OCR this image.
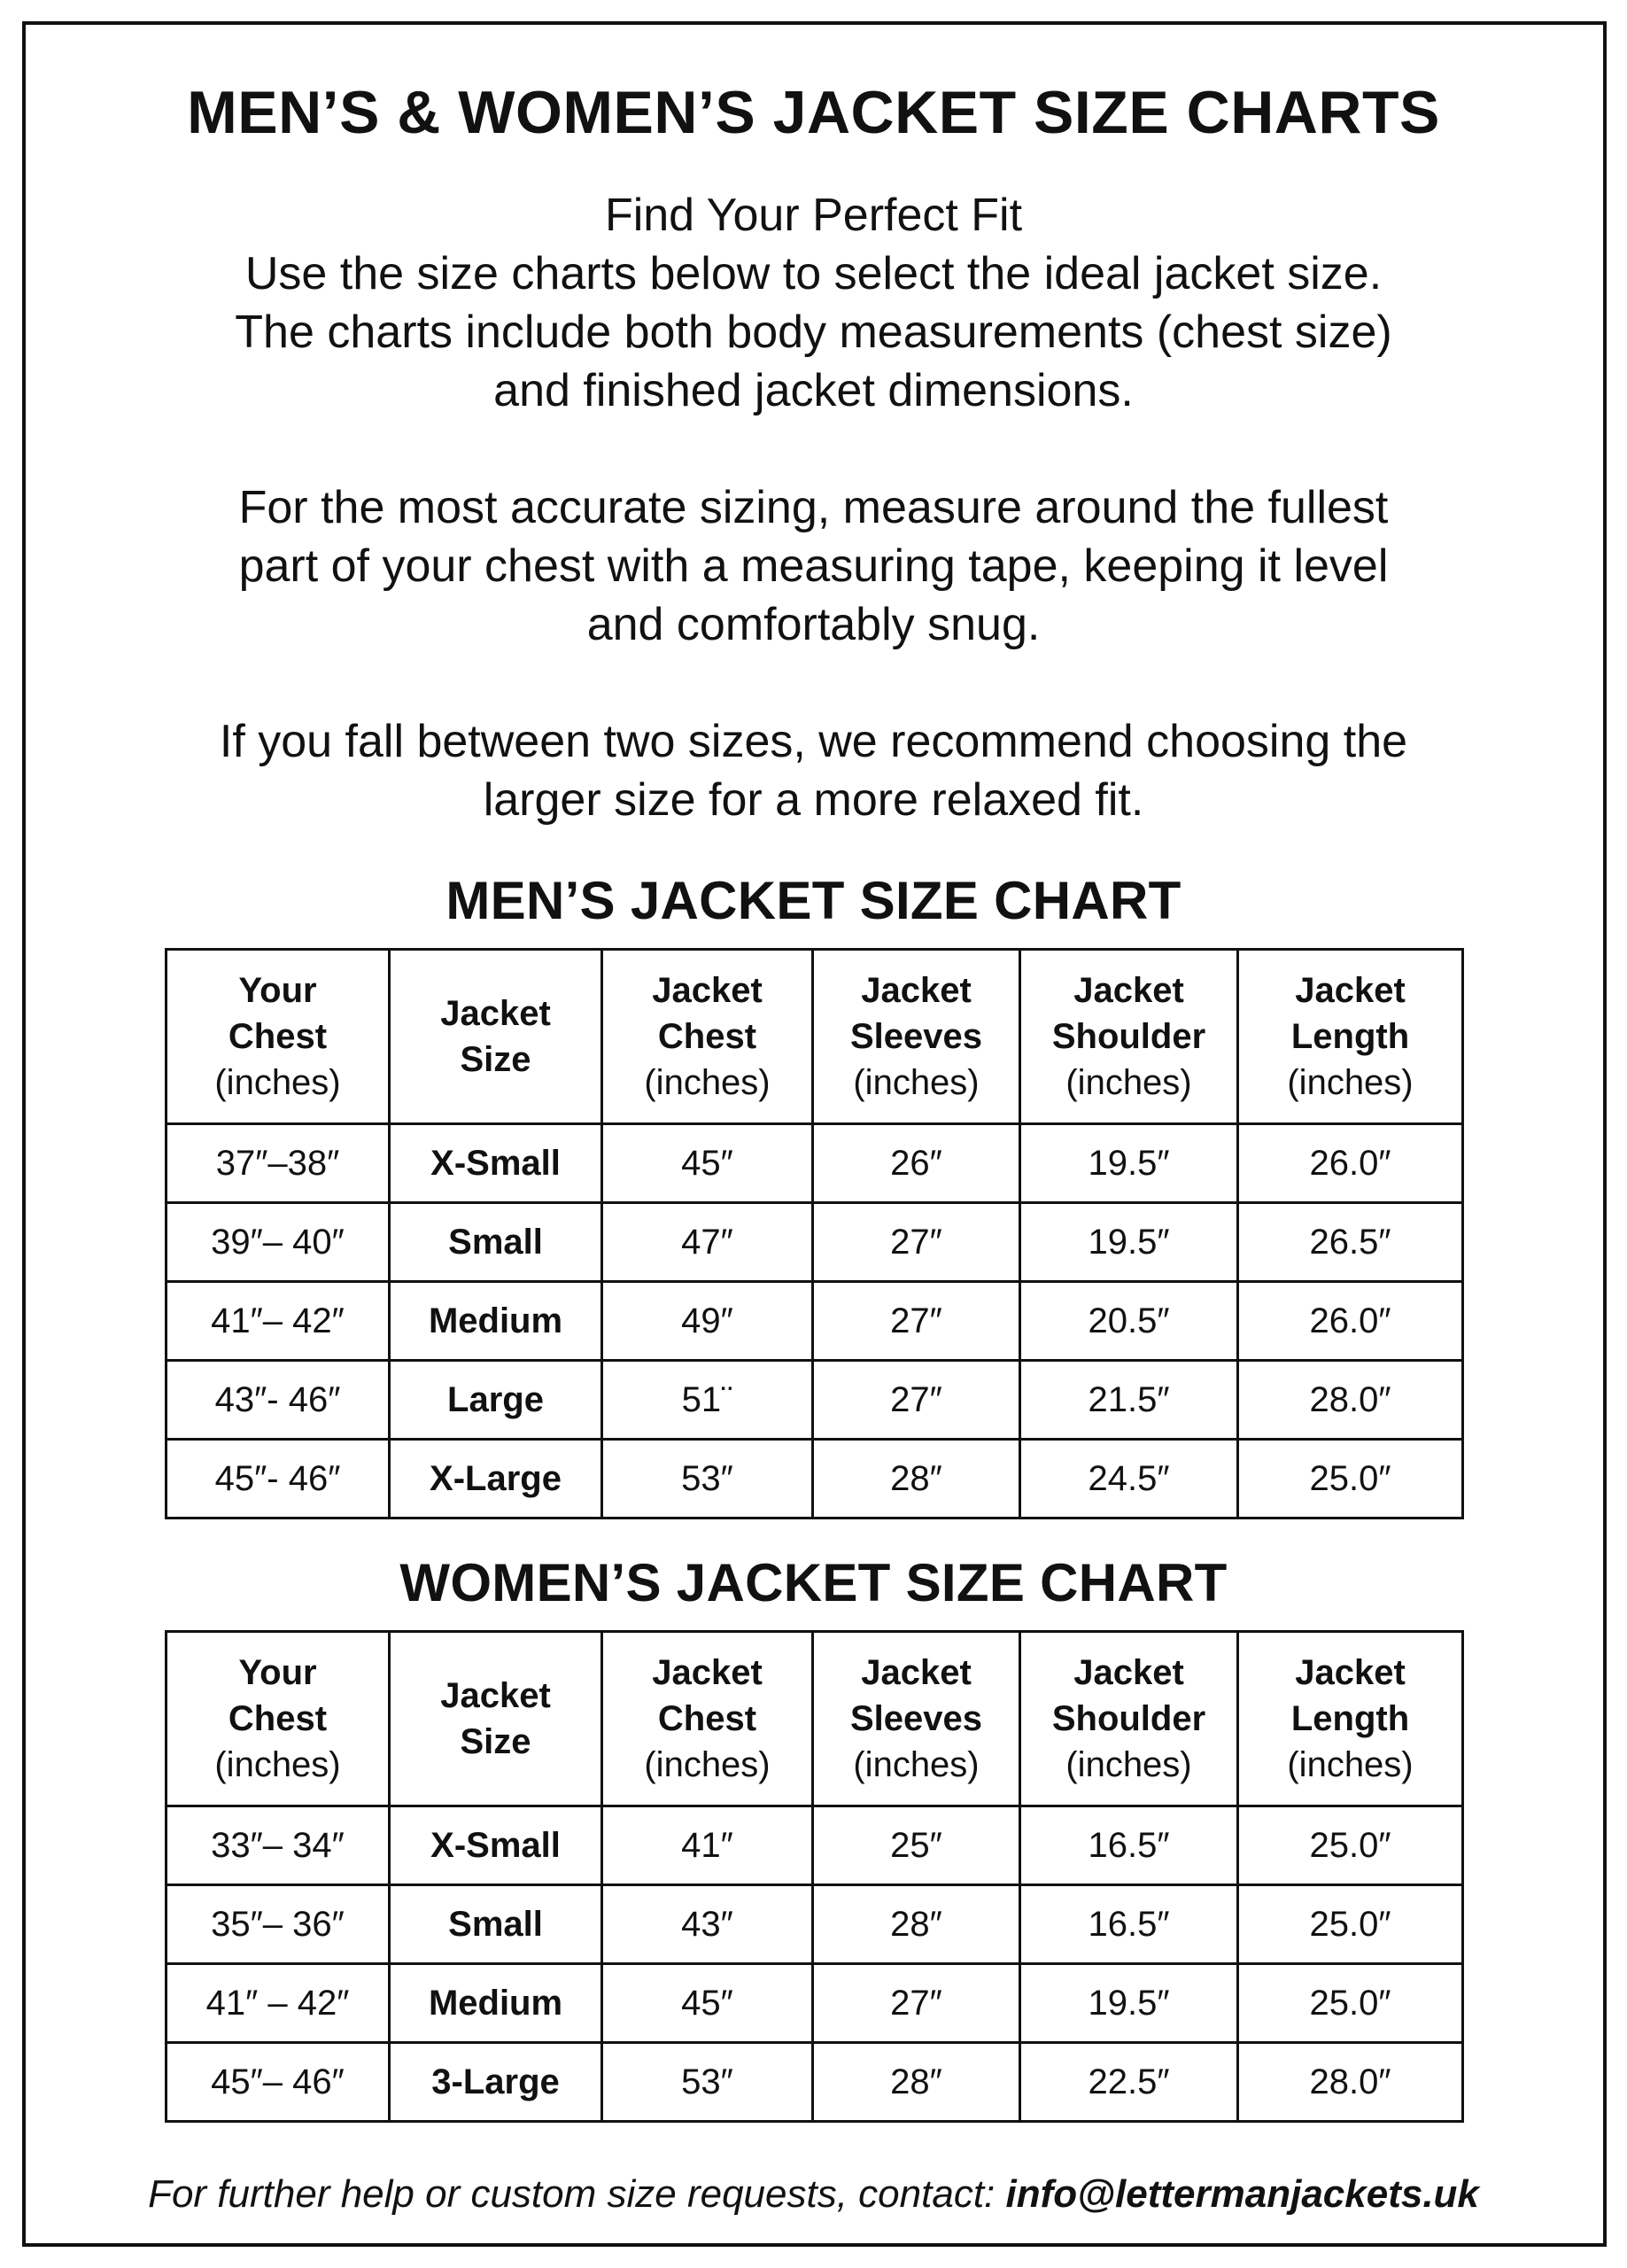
MEN’S & WOMEN’S JACKET SIZE CHARTS

Find Your Perfect Fit

Use the size charts below to select the ideal jacket size.

The charts include both body measurements (chest size)

and finished jacket dimensions.

For the most accurate sizing, measure around the fullest

part of your chest with a measuring tape, keeping it level

and comfortably snug.

If you fall between two sizes, we recommend choosing the

larger size for a more relaxed fit.

MEN’S JACKET SIZE CHART
Your
Chest
(inches)	Jacket
Size	Jacket
Chest
(inches)	Jacket
Sleeves
(inches)	Jacket
Shoulder
(inches)	Jacket
Length
(inches)

37″–38″	X-Small	45″	26″	19.5″	26.0″
39″– 40″	Small	47″	27″	19.5″	26.5″
41″– 42″	Medium	49″	27″	20.5″	26.0″
43″- 46″	Large	51¨	27″	21.5″	28.0″
45″- 46″	X-Large	53″	28″	24.5″	25.0″
WOMEN’S JACKET SIZE CHART
Your
Chest
(inches)	Jacket
Size	Jacket
Chest
(inches)	Jacket
Sleeves
(inches)	Jacket
Shoulder
(inches)	Jacket
Length
(inches)

33″– 34″	X-Small	41″	25″	16.5″	25.0″
35″– 36″	Small	43″	28″	16.5″	25.0″
41″ – 42″	Medium	45″	27″	19.5″	25.0″
45″– 46″	3-Large	53″	28″	22.5″	28.0″
For further help or custom size requests, contact: info@lettermanjackets.uk
